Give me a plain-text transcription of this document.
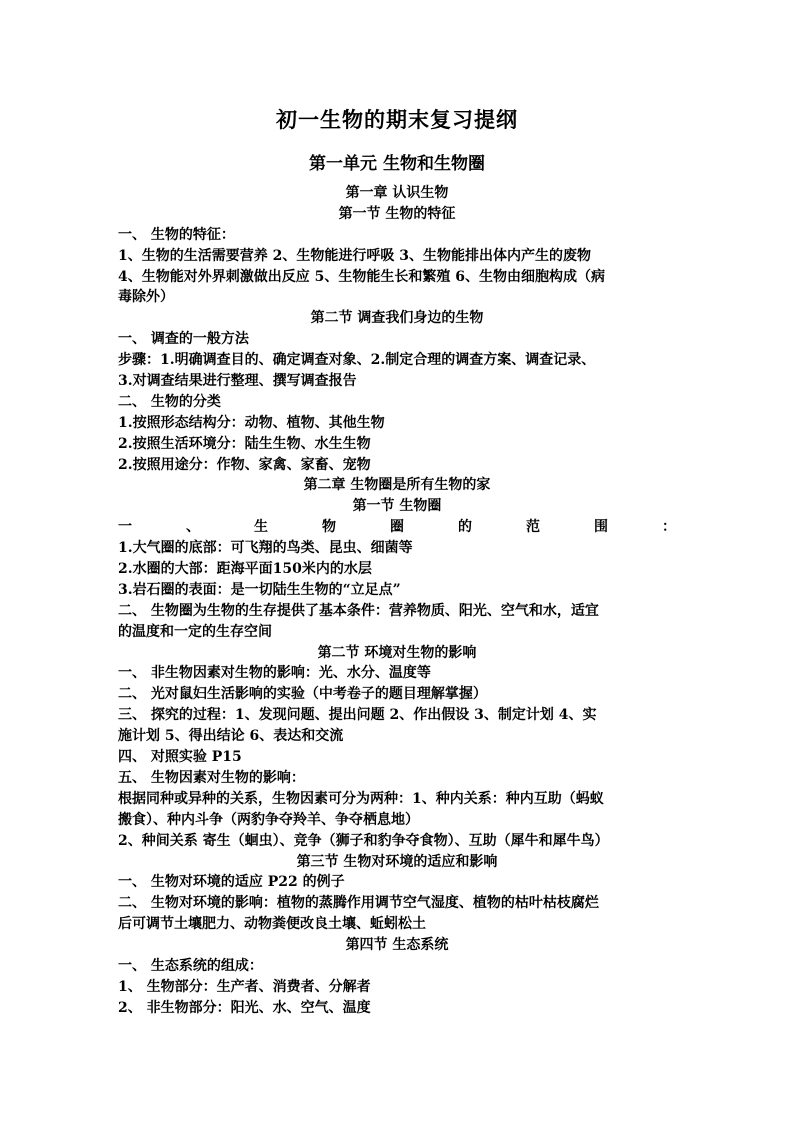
初一生物的期末复习提纲
第一单元 生物和生物圈
第一章 认识生物
第一节 生物的特征
一、 生物的特征：
1、生物的生活需要营养 2、生物能进行呼吸 3、生物能排出体内产生的废物
4、生物能对外界刺激做出反应 5、生物能生长和繁殖 6、生物由细胞构成（病
毒除外）
第二节 调查我们身边的生物
一、 调查的一般方法
步骤：1.明确调查目的、确定调查对象、2.制定合理的调查方案、调查记录、
3.对调查结果进行整理、撰写调查报告
二、 生物的分类
1.按照形态结构分：动物、植物、其他生物
2.按照生活环境分：陆生生物、水生生物
2.按照用途分：作物、家禽、家畜、宠物
第二章 生物圈是所有生物的家
第一节 生物圈
一	、	生	物	圈	的	范	围	：
1.大气圈的底部：可飞翔的鸟类、昆虫、细菌等
2.水圈的大部：距海平面150米内的水层
3.岩石圈的表面：是一切陆生生物的“立足点”
二、 生物圈为生物的生存提供了基本条件：营养物质、阳光、空气和水，适宜
的温度和一定的生存空间
第二节 环境对生物的影响
一、 非生物因素对生物的影响：光、水分、温度等
二、 光对鼠妇生活影响的实验（中考卷子的题目理解掌握）
三、 探究的过程：1、发现问题、提出问题 2、作出假设 3、制定计划 4、实
施计划 5、得出结论 6、表达和交流
四、 对照实验 P15
五、 生物因素对生物的影响：
根据同种或异种的关系，生物因素可分为两种：1、种内关系：种内互助（蚂蚁
搬食）、种内斗争（两豹争夺羚羊、争夺栖息地）
2、种间关系 寄生（蛔虫）、竞争（狮子和豹争夺食物）、互助（犀牛和犀牛鸟）
第三节 生物对环境的适应和影响
一、 生物对环境的适应 P22 的例子
二、 生物对环境的影响：植物的蒸腾作用调节空气湿度、植物的枯叶枯枝腐烂
后可调节土壤肥力、动物粪便改良土壤、蚯蚓松土
第四节 生态系统
一、 生态系统的组成：
1、 生物部分：生产者、消费者、分解者
2、 非生物部分：阳光、水、空气、温度
